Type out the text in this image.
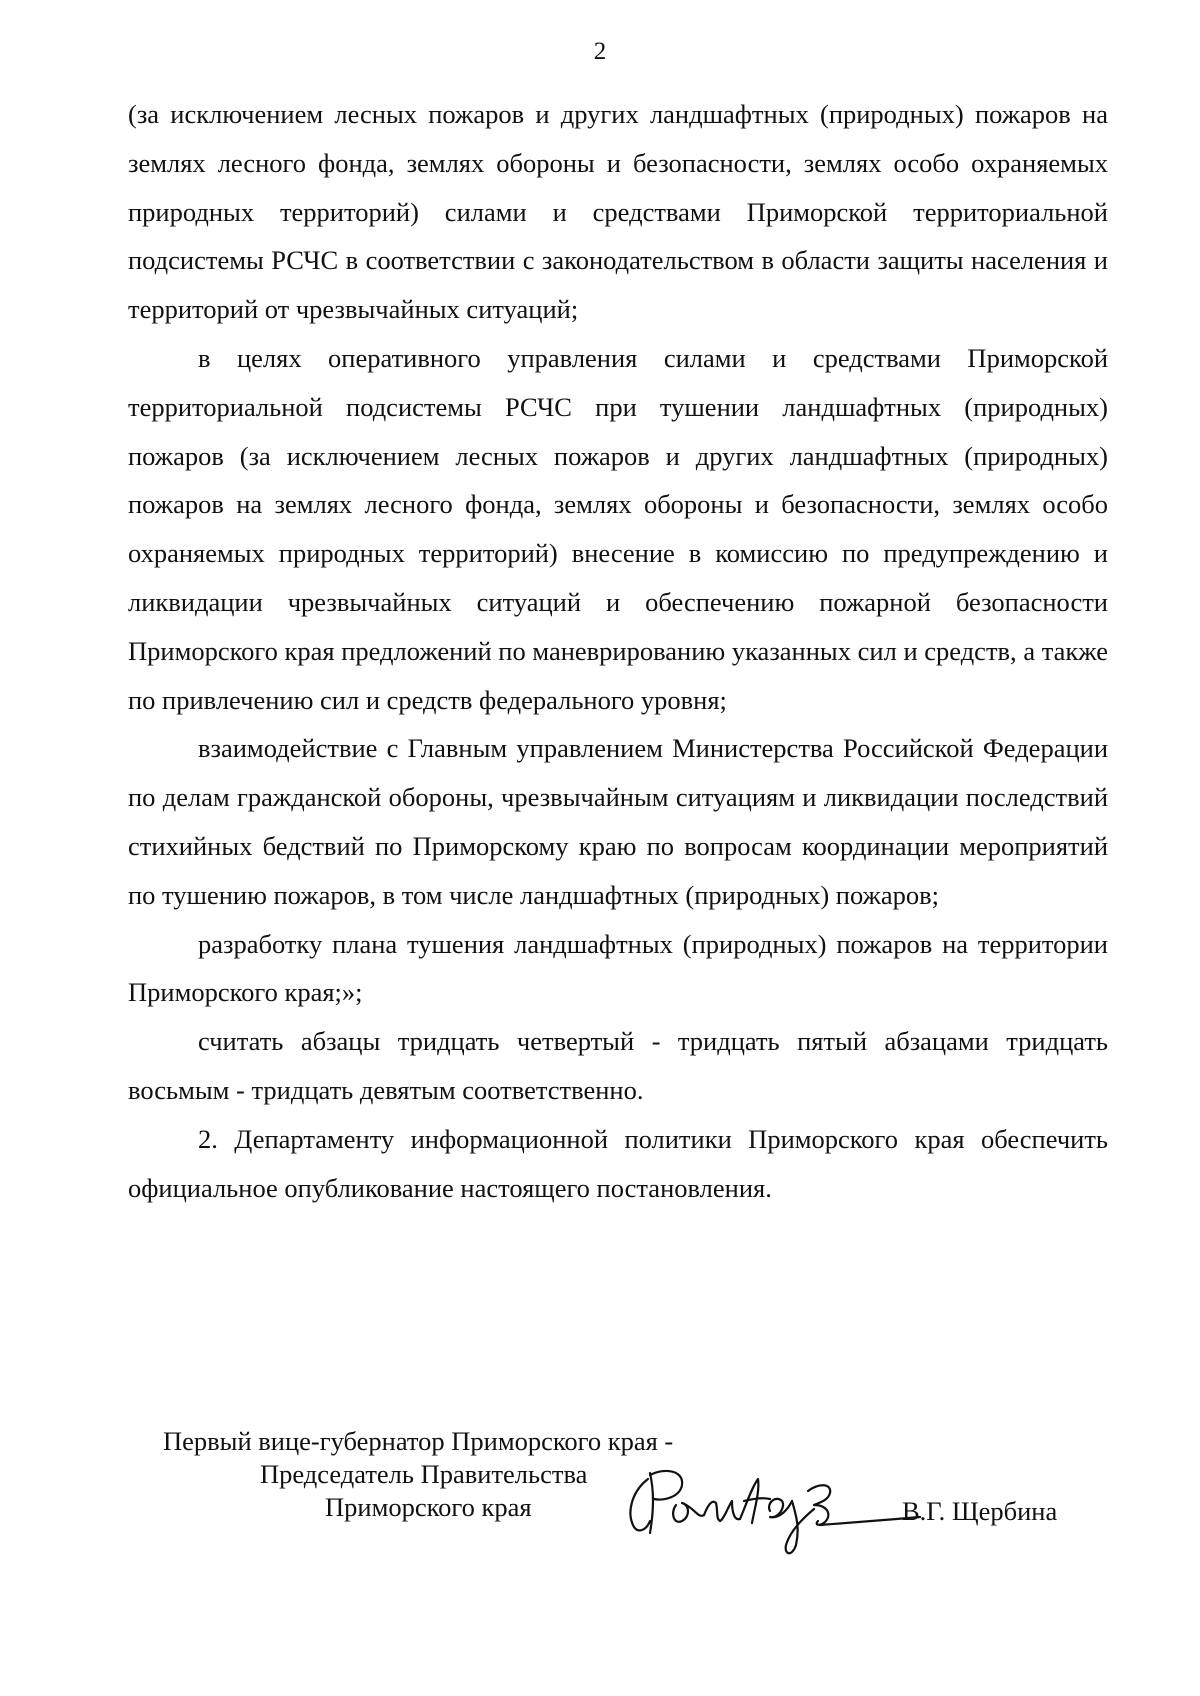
2

(за исключением лесных пожаров и других ландшафтных (природных) пожаров на землях лесного фонда, землях обороны и безопасности, землях особо охраняемых природных территорий) силами и средствами Приморской территориальной подсистемы РСЧС в соответствии с законодательством в области защиты населения и территорий от чрезвычайных ситуаций;

в целях оперативного управления силами и средствами Приморской территориальной подсистемы РСЧС при тушении ландшафтных (природных) пожаров (за исключением лесных пожаров и других ландшафтных (природных) пожаров на землях лесного фонда, землях обороны и безопасности, землях особо охраняемых природных территорий) внесение в комиссию по предупреждению и ликвидации чрезвычайных ситуаций и обеспечению пожарной безопасности Приморского края предложений по маневрированию указанных сил и средств, а также по привлечению сил и средств федерального уровня;

взаимодействие с Главным управлением Министерства Российской Федерации по делам гражданской обороны, чрезвычайным ситуациям и ликвидации последствий стихийных бедствий по Приморскому краю по вопросам координации мероприятий по тушению пожаров, в том числе ландшафтных (природных) пожаров;

разработку плана тушения ландшафтных (природных) пожаров на территории Приморского края;»;

считать абзацы тридцать четвертый - тридцать пятый абзацами тридцать восьмым - тридцать девятым соответственно.

2. Департаменту информационной политики Приморского края обеспечить официальное опубликование настоящего постановления.

Первый вице-губернатор Приморского края -
Председатель Правительства
Приморского края	В.Г. Щербина
